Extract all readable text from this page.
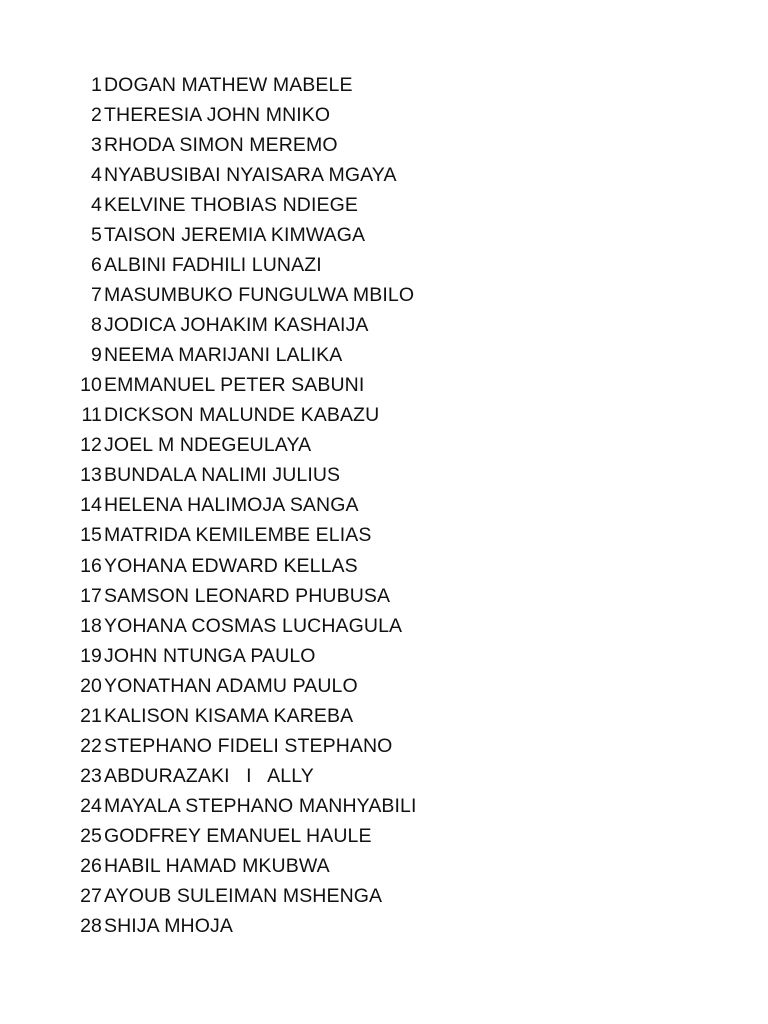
1 DOGAN MATHEW MABELE
2 THERESIA JOHN MNIKO
3 RHODA SIMON MEREMO
4 NYABUSIBAI NYAISARA MGAYA
4 KELVINE THOBIAS NDIEGE
5 TAISON JEREMIA KIMWAGA
6 ALBINI FADHILI LUNAZI
7 MASUMBUKO FUNGULWA MBILO
8 JODICA JOHAKIM KASHAIJA
9 NEEMA MARIJANI LALIKA
10 EMMANUEL PETER SABUNI
11 DICKSON MALUNDE KABAZU
12 JOEL M NDEGEULAYA
13 BUNDALA NALIMI JULIUS
14 HELENA HALIMOJA SANGA
15 MATRIDA KEMILEMBE ELIAS
16 YOHANA EDWARD KELLAS
17 SAMSON LEONARD PHUBUSA
18 YOHANA COSMAS LUCHAGULA
19 JOHN NTUNGA PAULO
20 YONATHAN ADAMU PAULO
21 KALISON KISAMA KAREBA
22 STEPHANO FIDELI STEPHANO
23 ABDURAZAKI   I   ALLY
24 MAYALA STEPHANO MANHYABILI
25 GODFREY EMANUEL HAULE
26 HABIL HAMAD MKUBWA
27 AYOUB SULEIMAN MSHENGA
28 SHIJA MHOJA
